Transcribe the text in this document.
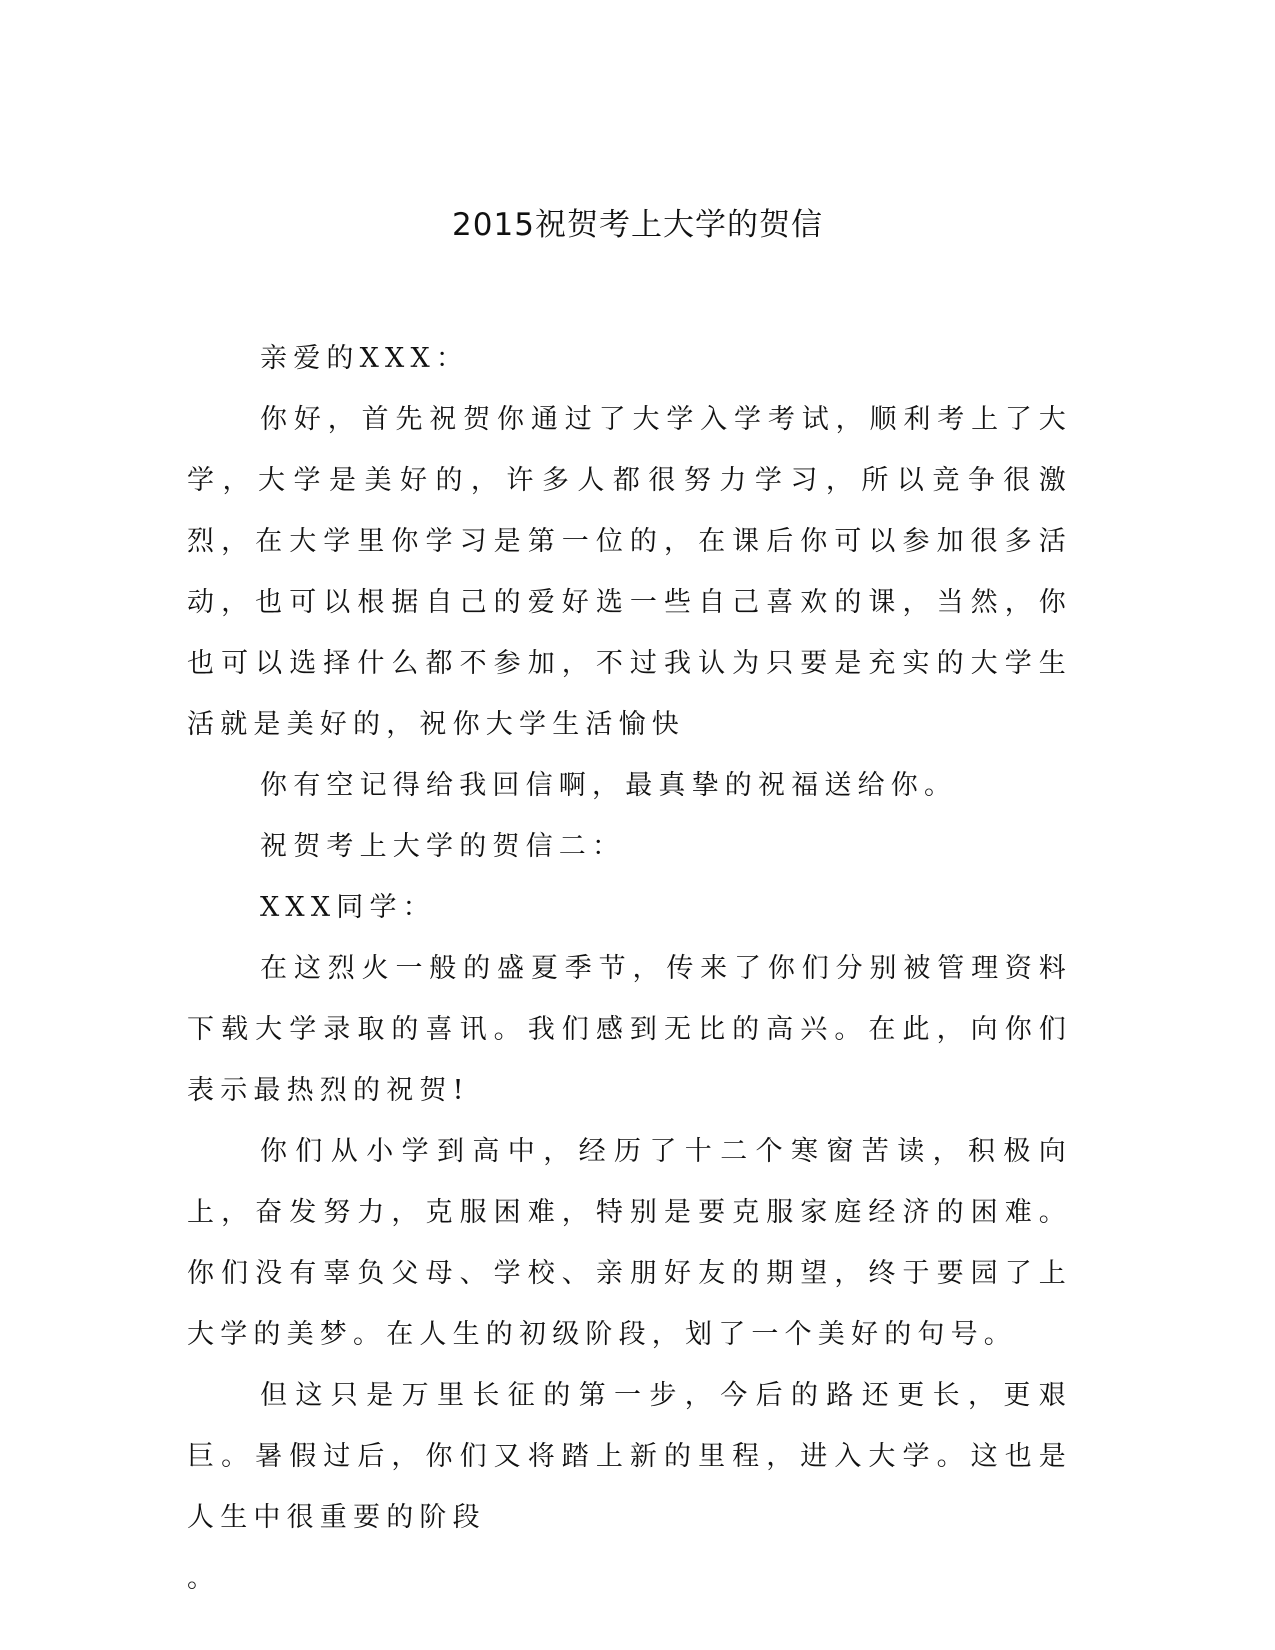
2015祝贺考上大学的贺信

亲爱的XXX：

你好，首先祝贺你通过了大学入学考试，顺利考上了大学，大学是美好的，许多人都很努力学习，所以竞争很激烈，在大学里你学习是第一位的，在课后你可以参加很多活动，也可以根据自己的爱好选一些自己喜欢的课，当然，你也可以选择什么都不参加，不过我认为只要是充实的大学生活就是美好的，祝你大学生活愉快

你有空记得给我回信啊，最真挚的祝福送给你。

祝贺考上大学的贺信二：

XXX同学：

在这烈火一般的盛夏季节，传来了你们分别被管理资料下载大学录取的喜讯。我们感到无比的高兴。在此，向你们表示最热烈的祝贺!

你们从小学到高中，经历了十二个寒窗苦读，积极向上，奋发努力，克服困难，特别是要克服家庭经济的困难。你们没有辜负父母、学校、亲朋好友的期望，终于要园了上大学的美梦。在人生的初级阶段，划了一个美好的句号。

但这只是万里长征的第一步，今后的路还更长，更艰巨。暑假过后，你们又将踏上新的里程，进入大学。这也是人生中很重要的阶段

。
